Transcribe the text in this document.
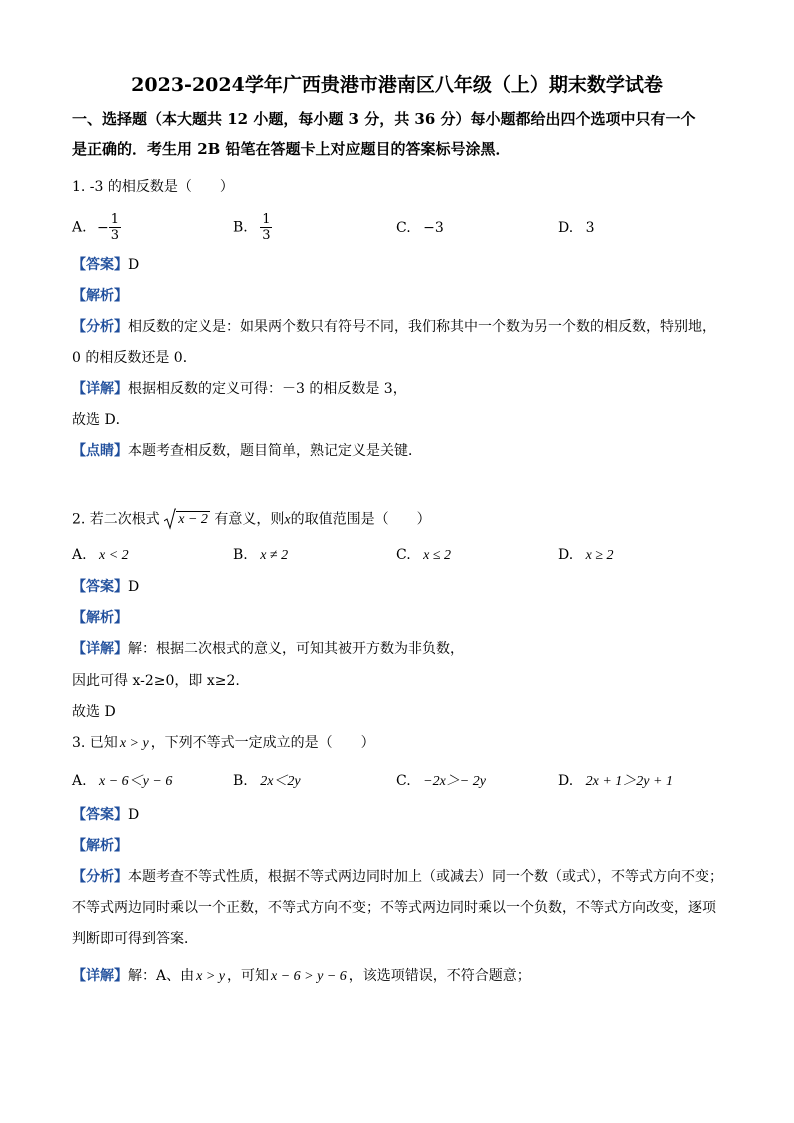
2023-2024学年广西贵港市港南区八年级（上）期末数学试卷
一、选择题（本大题共 12 小题，每小题 3 分，共 36 分）每小题都给出四个选项中只有一个
是正确的．考生用 2B 铅笔在答题卡上对应题目的答案标号涂黑．
1. -3 的相反数是（　　）
A. − $\frac{1}{3}$	B. $\frac{1}{3}$	C. −3	D. 3
【答案】D
【解析】
【分析】相反数的定义是：如果两个数只有符号不同，我们称其中一个数为另一个数的相反数，特别地，
0 的相反数还是 0．
【详解】根据相反数的定义可得：－3 的相反数是 3，
故选 D．
【点睛】本题考查相反数，题目简单，熟记定义是关键．
2. 若二次根式 x − 2 有意义，则x的取值范围是（　　）
A. x < 2	B. x ≠ 2	C. x ≤ 2	D. x ≥ 2
【答案】D
【解析】
【详解】解：根据二次根式的意义，可知其被开方数为非负数，
因此可得 x-2≥0，即 x≥2.
故选 D
3. 已知 x > y ，下列不等式一定成立的是（　　）
A. x − 6＜y − 6	B. 2x＜2y	C. −2x＞− 2y	D. 2x + 1＞2y + 1
【答案】D
【解析】
【分析】本题考查不等式性质，根据不等式两边同时加上（或减去）同一个数（或式），不等式方向不变；
不等式两边同时乘以一个正数，不等式方向不变；不等式两边同时乘以一个负数，不等式方向改变，逐项
判断即可得到答案．
【详解】解：A、由 x > y ，可知 x − 6 > y − 6 ，该选项错误，不符合题意；
